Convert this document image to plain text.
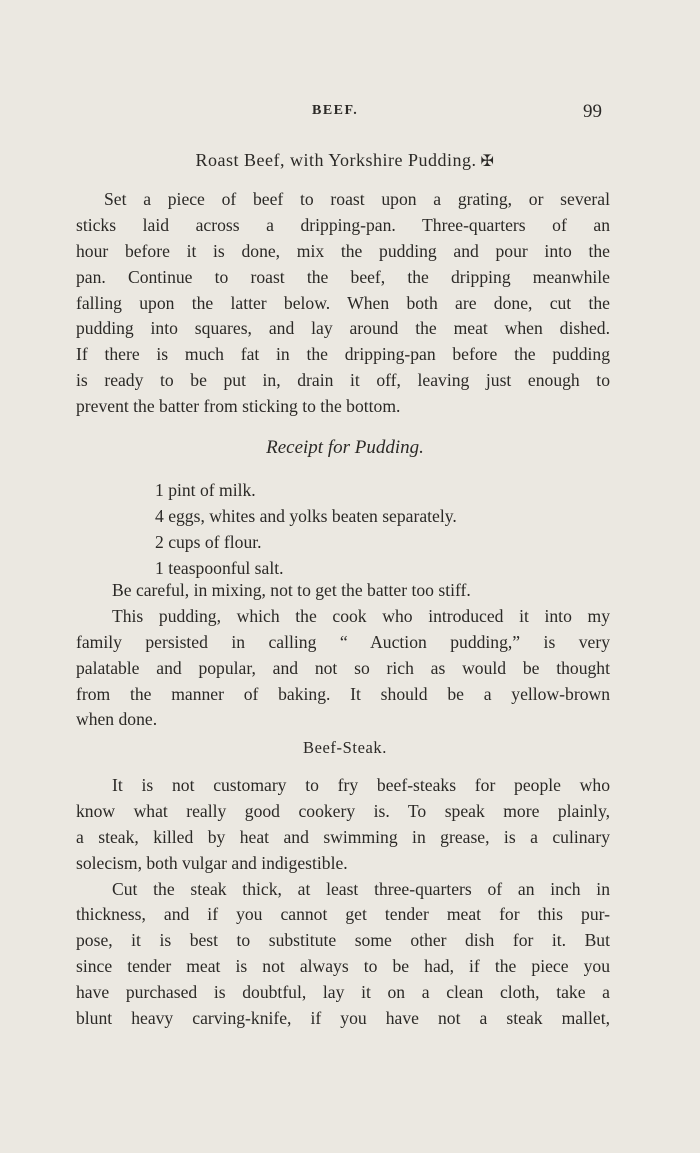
BEEF.	99
Roast Beef, with Yorkshire Pudding. ✠
Set a piece of beef to roast upon a grating, or several
sticks laid across a dripping-pan. Three-quarters of an
hour before it is done, mix the pudding and pour into the
pan. Continue to roast the beef, the dripping meanwhile
falling upon the latter below. When both are done, cut the
pudding into squares, and lay around the meat when dished.
If there is much fat in the dripping-pan before the pudding
is ready to be put in, drain it off, leaving just enough to
prevent the batter from sticking to the bottom.
Receipt for Pudding.
1 pint of milk.
4 eggs, whites and yolks beaten separately.
2 cups of flour.
1 teaspoonful salt.
Be careful, in mixing, not to get the batter too stiff.
This pudding, which the cook who introduced it into my
family persisted in calling “ Auction pudding,” is very
palatable and popular, and not so rich as would be thought
from the manner of baking. It should be a yellow-brown
when done.
Beef-Steak.
It is not customary to fry beef-steaks for people who
know what really good cookery is. To speak more plainly,
a steak, killed by heat and swimming in grease, is a culinary
solecism, both vulgar and indigestible.
Cut the steak thick, at least three-quarters of an inch in
thickness, and if you cannot get tender meat for this pur-
pose, it is best to substitute some other dish for it. But
since tender meat is not always to be had, if the piece you
have purchased is doubtful, lay it on a clean cloth, take a
blunt heavy carving-knife, if you have not a steak mallet,
